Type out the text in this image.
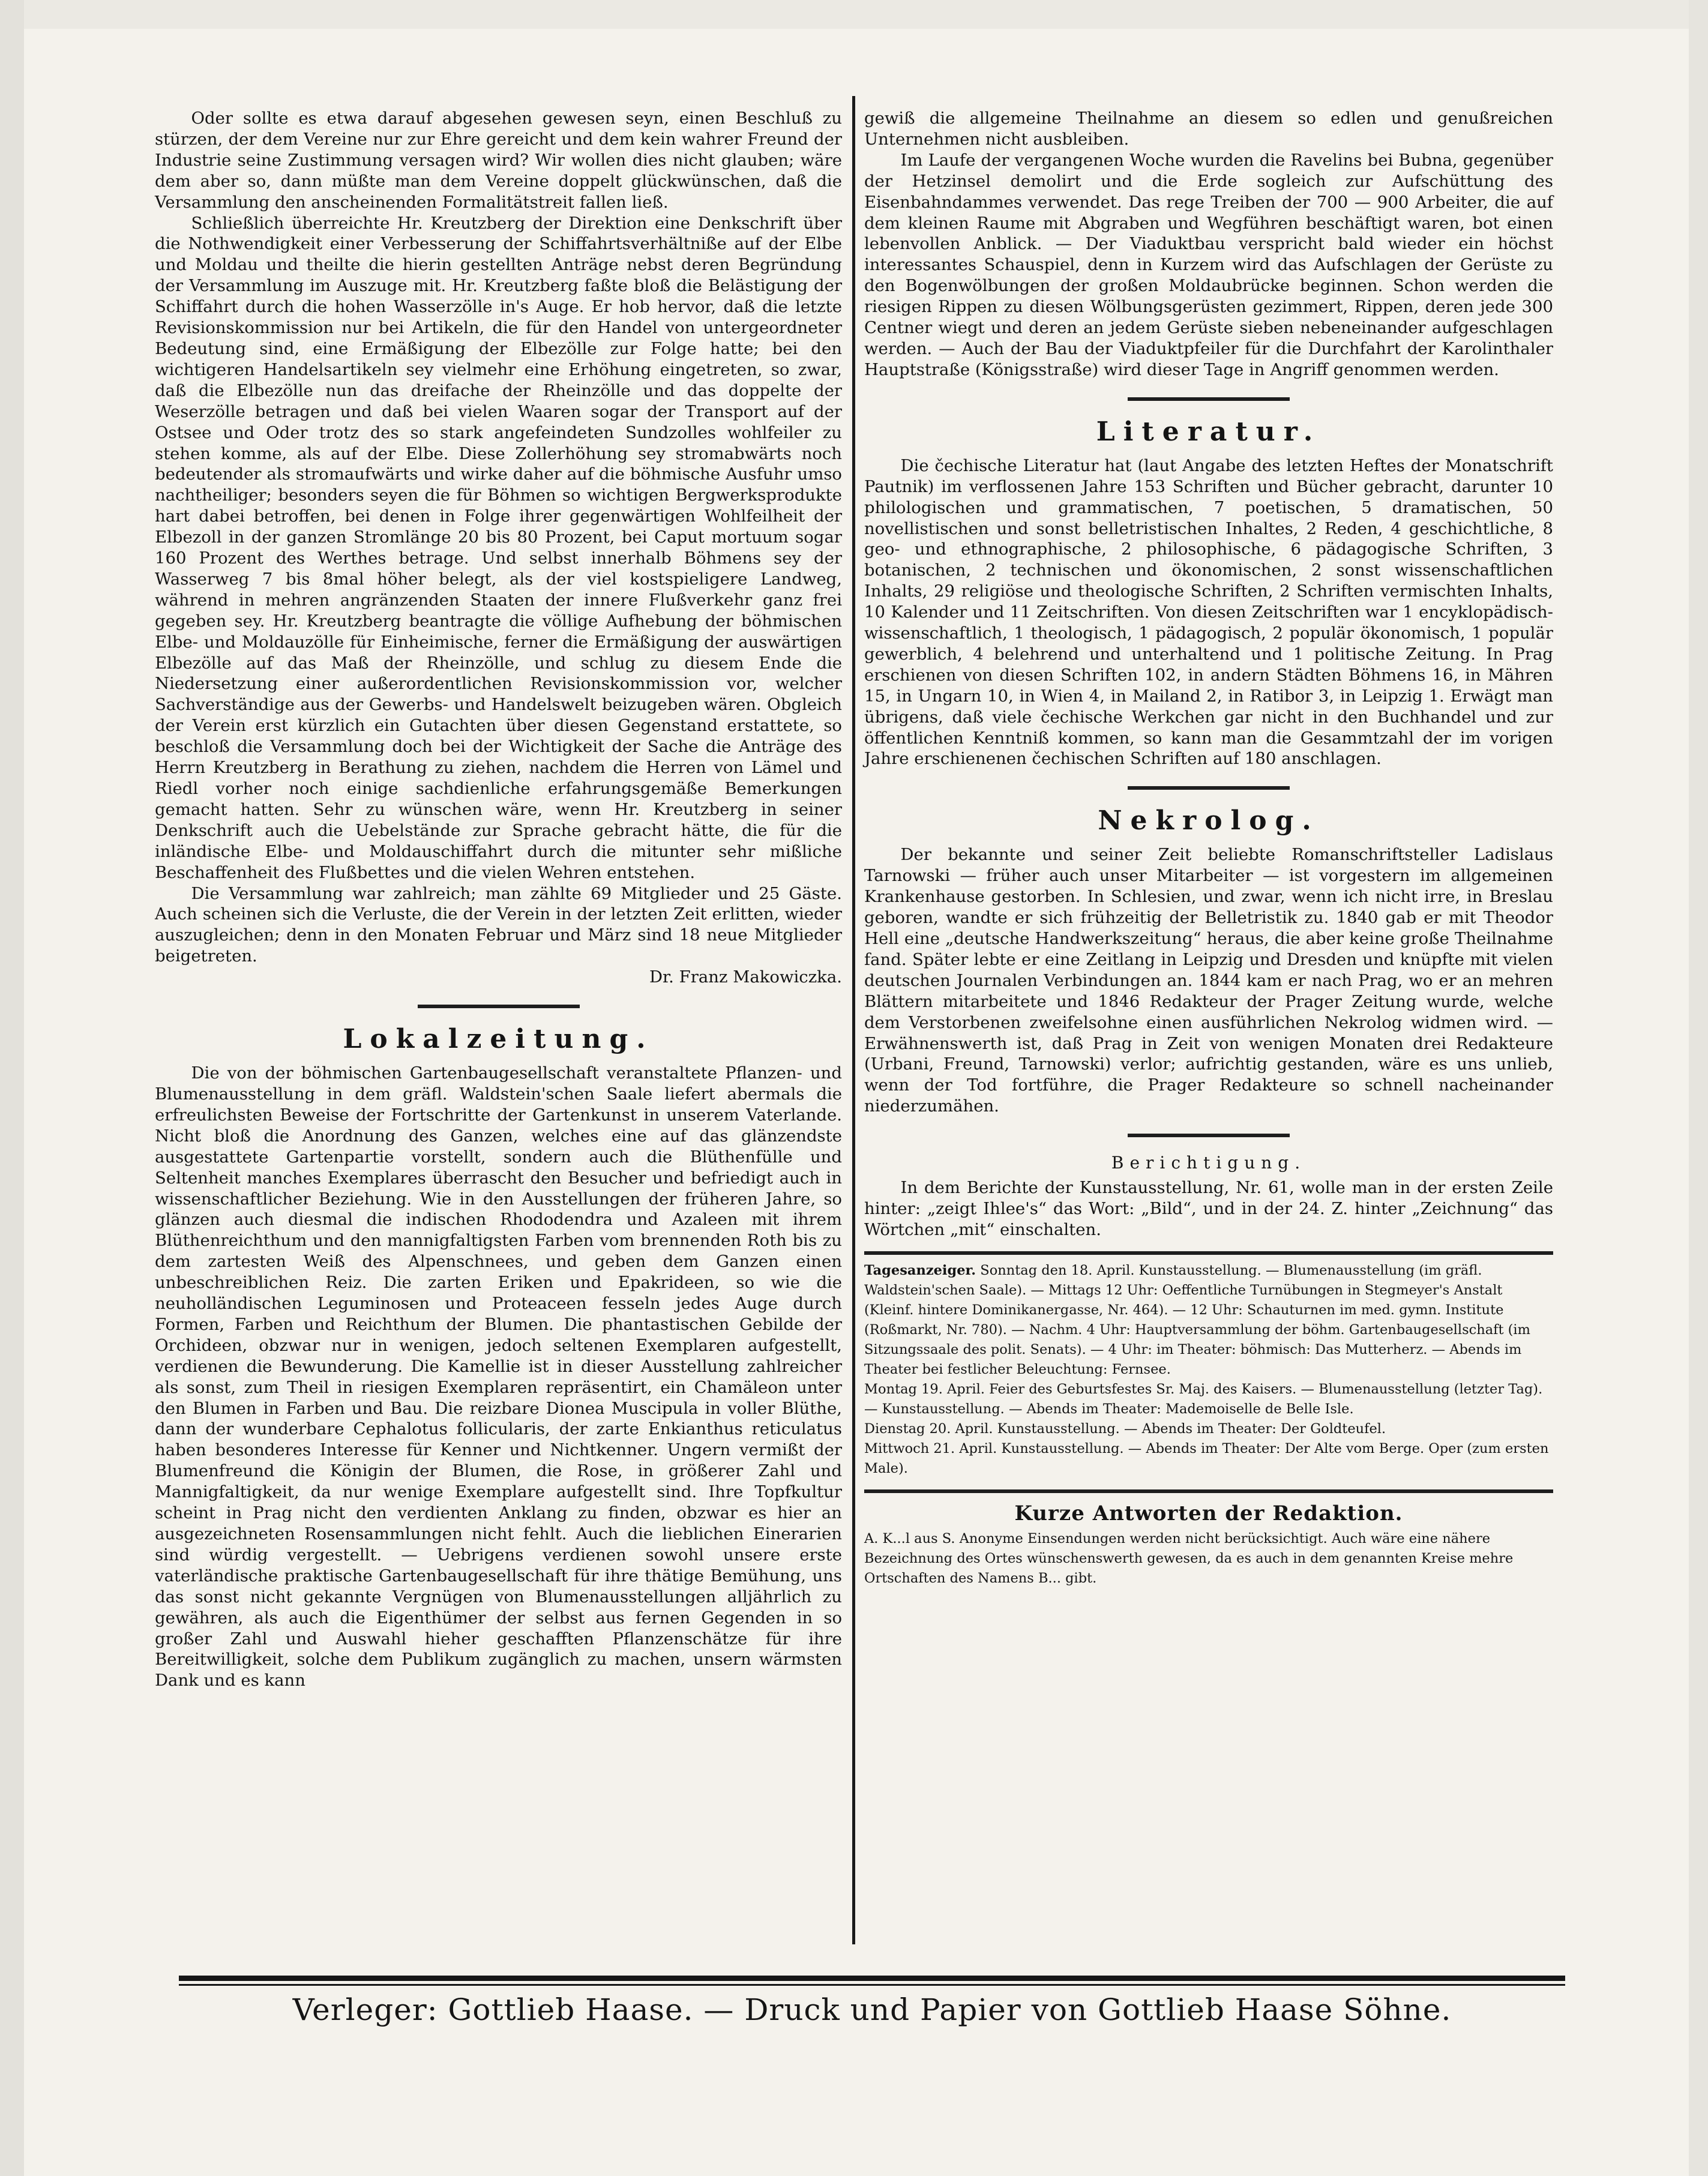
Oder sollte es etwa darauf abgesehen gewesen seyn, einen Beschluß zu stürzen, der dem Vereine nur zur Ehre gereicht und dem kein wahrer Freund der Industrie seine Zustimmung versagen wird? Wir wollen dies nicht glauben; wäre dem aber so, dann müßte man dem Vereine doppelt glückwünschen, daß die Versammlung den anscheinenden Formalitätstreit fallen ließ.

Schließlich überreichte Hr. Kreutzberg der Direktion eine Denkschrift über die Nothwendigkeit einer Verbesserung der Schiffahrtsverhältniße auf der Elbe und Moldau und theilte die hierin gestellten Anträge nebst deren Begründung der Versammlung im Auszuge mit. Hr. Kreutzberg faßte bloß die Belästigung der Schiffahrt durch die hohen Wasserzölle in's Auge. Er hob hervor, daß die letzte Revisionskommission nur bei Artikeln, die für den Handel von untergeordneter Bedeutung sind, eine Ermäßigung der Elbezölle zur Folge hatte; bei den wichtigeren Handelsartikeln sey vielmehr eine Erhöhung eingetreten, so zwar, daß die Elbezölle nun das dreifache der Rheinzölle und das doppelte der Weserzölle betragen und daß bei vielen Waaren sogar der Transport auf der Ostsee und Oder trotz des so stark angefeindeten Sundzolles wohlfeiler zu stehen komme, als auf der Elbe. Diese Zollerhöhung sey stromabwärts noch bedeutender als stromaufwärts und wirke daher auf die böhmische Ausfuhr umso nachtheiliger; besonders seyen die für Böhmen so wichtigen Bergwerksprodukte hart dabei betroffen, bei denen in Folge ihrer gegenwärtigen Wohlfeilheit der Elbezoll in der ganzen Stromlänge 20 bis 80 Prozent, bei Caput mortuum sogar 160 Prozent des Werthes betrage. Und selbst innerhalb Böhmens sey der Wasserweg 7 bis 8mal höher belegt, als der viel kostspieligere Landweg, während in mehren angränzenden Staaten der innere Flußverkehr ganz frei gegeben sey. Hr. Kreutzberg beantragte die völlige Aufhebung der böhmischen Elbe- und Moldauzölle für Einheimische, ferner die Ermäßigung der auswärtigen Elbezölle auf das Maß der Rheinzölle, und schlug zu diesem Ende die Niedersetzung einer außerordentlichen Revisionskommission vor, welcher Sachverständige aus der Gewerbs- und Handelswelt beizugeben wären. Obgleich der Verein erst kürzlich ein Gutachten über diesen Gegenstand erstattete, so beschloß die Versammlung doch bei der Wichtigkeit der Sache die Anträge des Herrn Kreutzberg in Berathung zu ziehen, nachdem die Herren von Lämel und Riedl vorher noch einige sachdienliche erfahrungsgemäße Bemerkungen gemacht hatten. Sehr zu wünschen wäre, wenn Hr. Kreutzberg in seiner Denkschrift auch die Uebelstände zur Sprache gebracht hätte, die für die inländische Elbe- und Moldauschiffahrt durch die mitunter sehr mißliche Beschaffenheit des Flußbettes und die vielen Wehren entstehen.

Die Versammlung war zahlreich; man zählte 69 Mitglieder und 25 Gäste. Auch scheinen sich die Verluste, die der Verein in der letzten Zeit erlitten, wieder auszugleichen; denn in den Monaten Februar und März sind 18 neue Mitglieder beigetreten.

Dr. Franz Makowiczka.

Lokalzeitung.

Die von der böhmischen Gartenbaugesellschaft veranstaltete Pflanzen- und Blumenausstellung in dem gräfl. Waldstein'schen Saale liefert abermals die erfreulichsten Beweise der Fortschritte der Gartenkunst in unserem Vaterlande. Nicht bloß die Anordnung des Ganzen, welches eine auf das glänzendste ausgestattete Gartenpartie vorstellt, sondern auch die Blüthenfülle und Seltenheit manches Exemplares überrascht den Besucher und befriedigt auch in wissenschaftlicher Beziehung. Wie in den Ausstellungen der früheren Jahre, so glänzen auch diesmal die indischen Rhododendra und Azaleen mit ihrem Blüthenreichthum und den mannigfaltigsten Farben vom brennenden Roth bis zu dem zartesten Weiß des Alpenschnees, und geben dem Ganzen einen unbeschreiblichen Reiz. Die zarten Eriken und Epakrideen, so wie die neuholländischen Leguminosen und Proteaceen fesseln jedes Auge durch Formen, Farben und Reichthum der Blumen. Die phantastischen Gebilde der Orchideen, obzwar nur in wenigen, jedoch seltenen Exemplaren aufgestellt, verdienen die Bewunderung. Die Kamellie ist in dieser Ausstellung zahlreicher als sonst, zum Theil in riesigen Exemplaren repräsentirt, ein Chamäleon unter den Blumen in Farben und Bau. Die reizbare Dionea Muscipula in voller Blüthe, dann der wunderbare Cephalotus follicularis, der zarte Enkianthus reticulatus haben besonderes Interesse für Kenner und Nichtkenner. Ungern vermißt der Blumenfreund die Königin der Blumen, die Rose, in größerer Zahl und Mannigfaltigkeit, da nur wenige Exemplare aufgestellt sind. Ihre Topfkultur scheint in Prag nicht den verdienten Anklang zu finden, obzwar es hier an ausgezeichneten Rosensammlungen nicht fehlt. Auch die lieblichen Einerarien sind würdig vergestellt. — Uebrigens verdienen sowohl unsere erste vaterländische praktische Gartenbaugesellschaft für ihre thätige Bemühung, uns das sonst nicht gekannte Vergnügen von Blumenausstellungen alljährlich zu gewähren, als auch die Eigenthümer der selbst aus fernen Gegenden in so großer Zahl und Auswahl hieher geschafften Pflanzenschätze für ihre Bereitwilligkeit, solche dem Publikum zugänglich zu machen, unsern wärmsten Dank und es kann

gewiß die allgemeine Theilnahme an diesem so edlen und genußreichen Unternehmen nicht ausbleiben.

Im Laufe der vergangenen Woche wurden die Ravelins bei Bubna, gegenüber der Hetzinsel demolirt und die Erde sogleich zur Aufschüttung des Eisenbahndammes verwendet. Das rege Treiben der 700 — 900 Arbeiter, die auf dem kleinen Raume mit Abgraben und Wegführen beschäftigt waren, bot einen lebenvollen Anblick. — Der Viaduktbau verspricht bald wieder ein höchst interessantes Schauspiel, denn in Kurzem wird das Aufschlagen der Gerüste zu den Bogenwölbungen der großen Moldaubrücke beginnen. Schon werden die riesigen Rippen zu diesen Wölbungsgerüsten gezimmert, Rippen, deren jede 300 Centner wiegt und deren an jedem Gerüste sieben nebeneinander aufgeschlagen werden. — Auch der Bau der Viaduktpfeiler für die Durchfahrt der Karolinthaler Hauptstraße (Königsstraße) wird dieser Tage in Angriff genommen werden.

Literatur.

Die čechische Literatur hat (laut Angabe des letzten Heftes der Monatschrift Pautnik) im verflossenen Jahre 153 Schriften und Bücher gebracht, darunter 10 philologischen und grammatischen, 7 poetischen, 5 dramatischen, 50 novellistischen und sonst belletristischen Inhaltes, 2 Reden, 4 geschichtliche, 8 geo- und ethnographische, 2 philosophische, 6 pädagogische Schriften, 3 botanischen, 2 technischen und ökonomischen, 2 sonst wissenschaftlichen Inhalts, 29 religiöse und theologische Schriften, 2 Schriften vermischten Inhalts, 10 Kalender und 11 Zeitschriften. Von diesen Zeitschriften war 1 encyklopädisch-wissenschaftlich, 1 theologisch, 1 pädagogisch, 2 populär ökonomisch, 1 populär gewerblich, 4 belehrend und unterhaltend und 1 politische Zeitung. In Prag erschienen von diesen Schriften 102, in andern Städten Böhmens 16, in Mähren 15, in Ungarn 10, in Wien 4, in Mailand 2, in Ratibor 3, in Leipzig 1. Erwägt man übrigens, daß viele čechische Werkchen gar nicht in den Buchhandel und zur öffentlichen Kenntniß kommen, so kann man die Gesammtzahl der im vorigen Jahre erschienenen čechischen Schriften auf 180 anschlagen.

Nekrolog.

Der bekannte und seiner Zeit beliebte Romanschriftsteller Ladislaus Tarnowski — früher auch unser Mitarbeiter — ist vorgestern im allgemeinen Krankenhause gestorben. In Schlesien, und zwar, wenn ich nicht irre, in Breslau geboren, wandte er sich frühzeitig der Belletristik zu. 1840 gab er mit Theodor Hell eine „deutsche Handwerkszeitung“ heraus, die aber keine große Theilnahme fand. Später lebte er eine Zeitlang in Leipzig und Dresden und knüpfte mit vielen deutschen Journalen Verbindungen an. 1844 kam er nach Prag, wo er an mehren Blättern mitarbeitete und 1846 Redakteur der Prager Zeitung wurde, welche dem Verstorbenen zweifelsohne einen ausführlichen Nekrolog widmen wird. — Erwähnenswerth ist, daß Prag in Zeit von wenigen Monaten drei Redakteure (Urbani, Freund, Tarnowski) verlor; aufrichtig gestanden, wäre es uns unlieb, wenn der Tod fortführe, die Prager Redakteure so schnell nacheinander niederzumähen.

Berichtigung.

In dem Berichte der Kunstausstellung, Nr. 61, wolle man in der ersten Zeile hinter: „zeigt Ihlee's“ das Wort: „Bild“, und in der 24. Z. hinter „Zeichnung“ das Wörtchen „mit“ einschalten.

Tagesanzeiger. Sonntag den 18. April. Kunstausstellung. — Blumenausstellung (im gräfl. Waldstein'schen Saale). — Mittags 12 Uhr: Oeffentliche Turnübungen in Stegmeyer's Anstalt (Kleinf. hintere Dominikanergasse, Nr. 464). — 12 Uhr: Schauturnen im med. gymn. Institute (Roßmarkt, Nr. 780). — Nachm. 4 Uhr: Hauptversammlung der böhm. Gartenbaugesellschaft (im Sitzungssaale des polit. Senats). — 4 Uhr: im Theater: böhmisch: Das Mutterherz. — Abends im Theater bei festlicher Beleuchtung: Fernsee.

Montag 19. April. Feier des Geburtsfestes Sr. Maj. des Kaisers. — Blumenausstellung (letzter Tag). — Kunstausstellung. — Abends im Theater: Mademoiselle de Belle Isle.

Dienstag 20. April. Kunstausstellung. — Abends im Theater: Der Goldteufel.

Mittwoch 21. April. Kunstausstellung. — Abends im Theater: Der Alte vom Berge. Oper (zum ersten Male).

Kurze Antworten der Redaktion.

A. K...l aus S. Anonyme Einsendungen werden nicht berücksichtigt. Auch wäre eine nähere Bezeichnung des Ortes wünschenswerth gewesen, da es auch in dem genannten Kreise mehre Ortschaften des Namens B... gibt.

Verleger: Gottlieb Haase. — Druck und Papier von Gottlieb Haase Söhne.
